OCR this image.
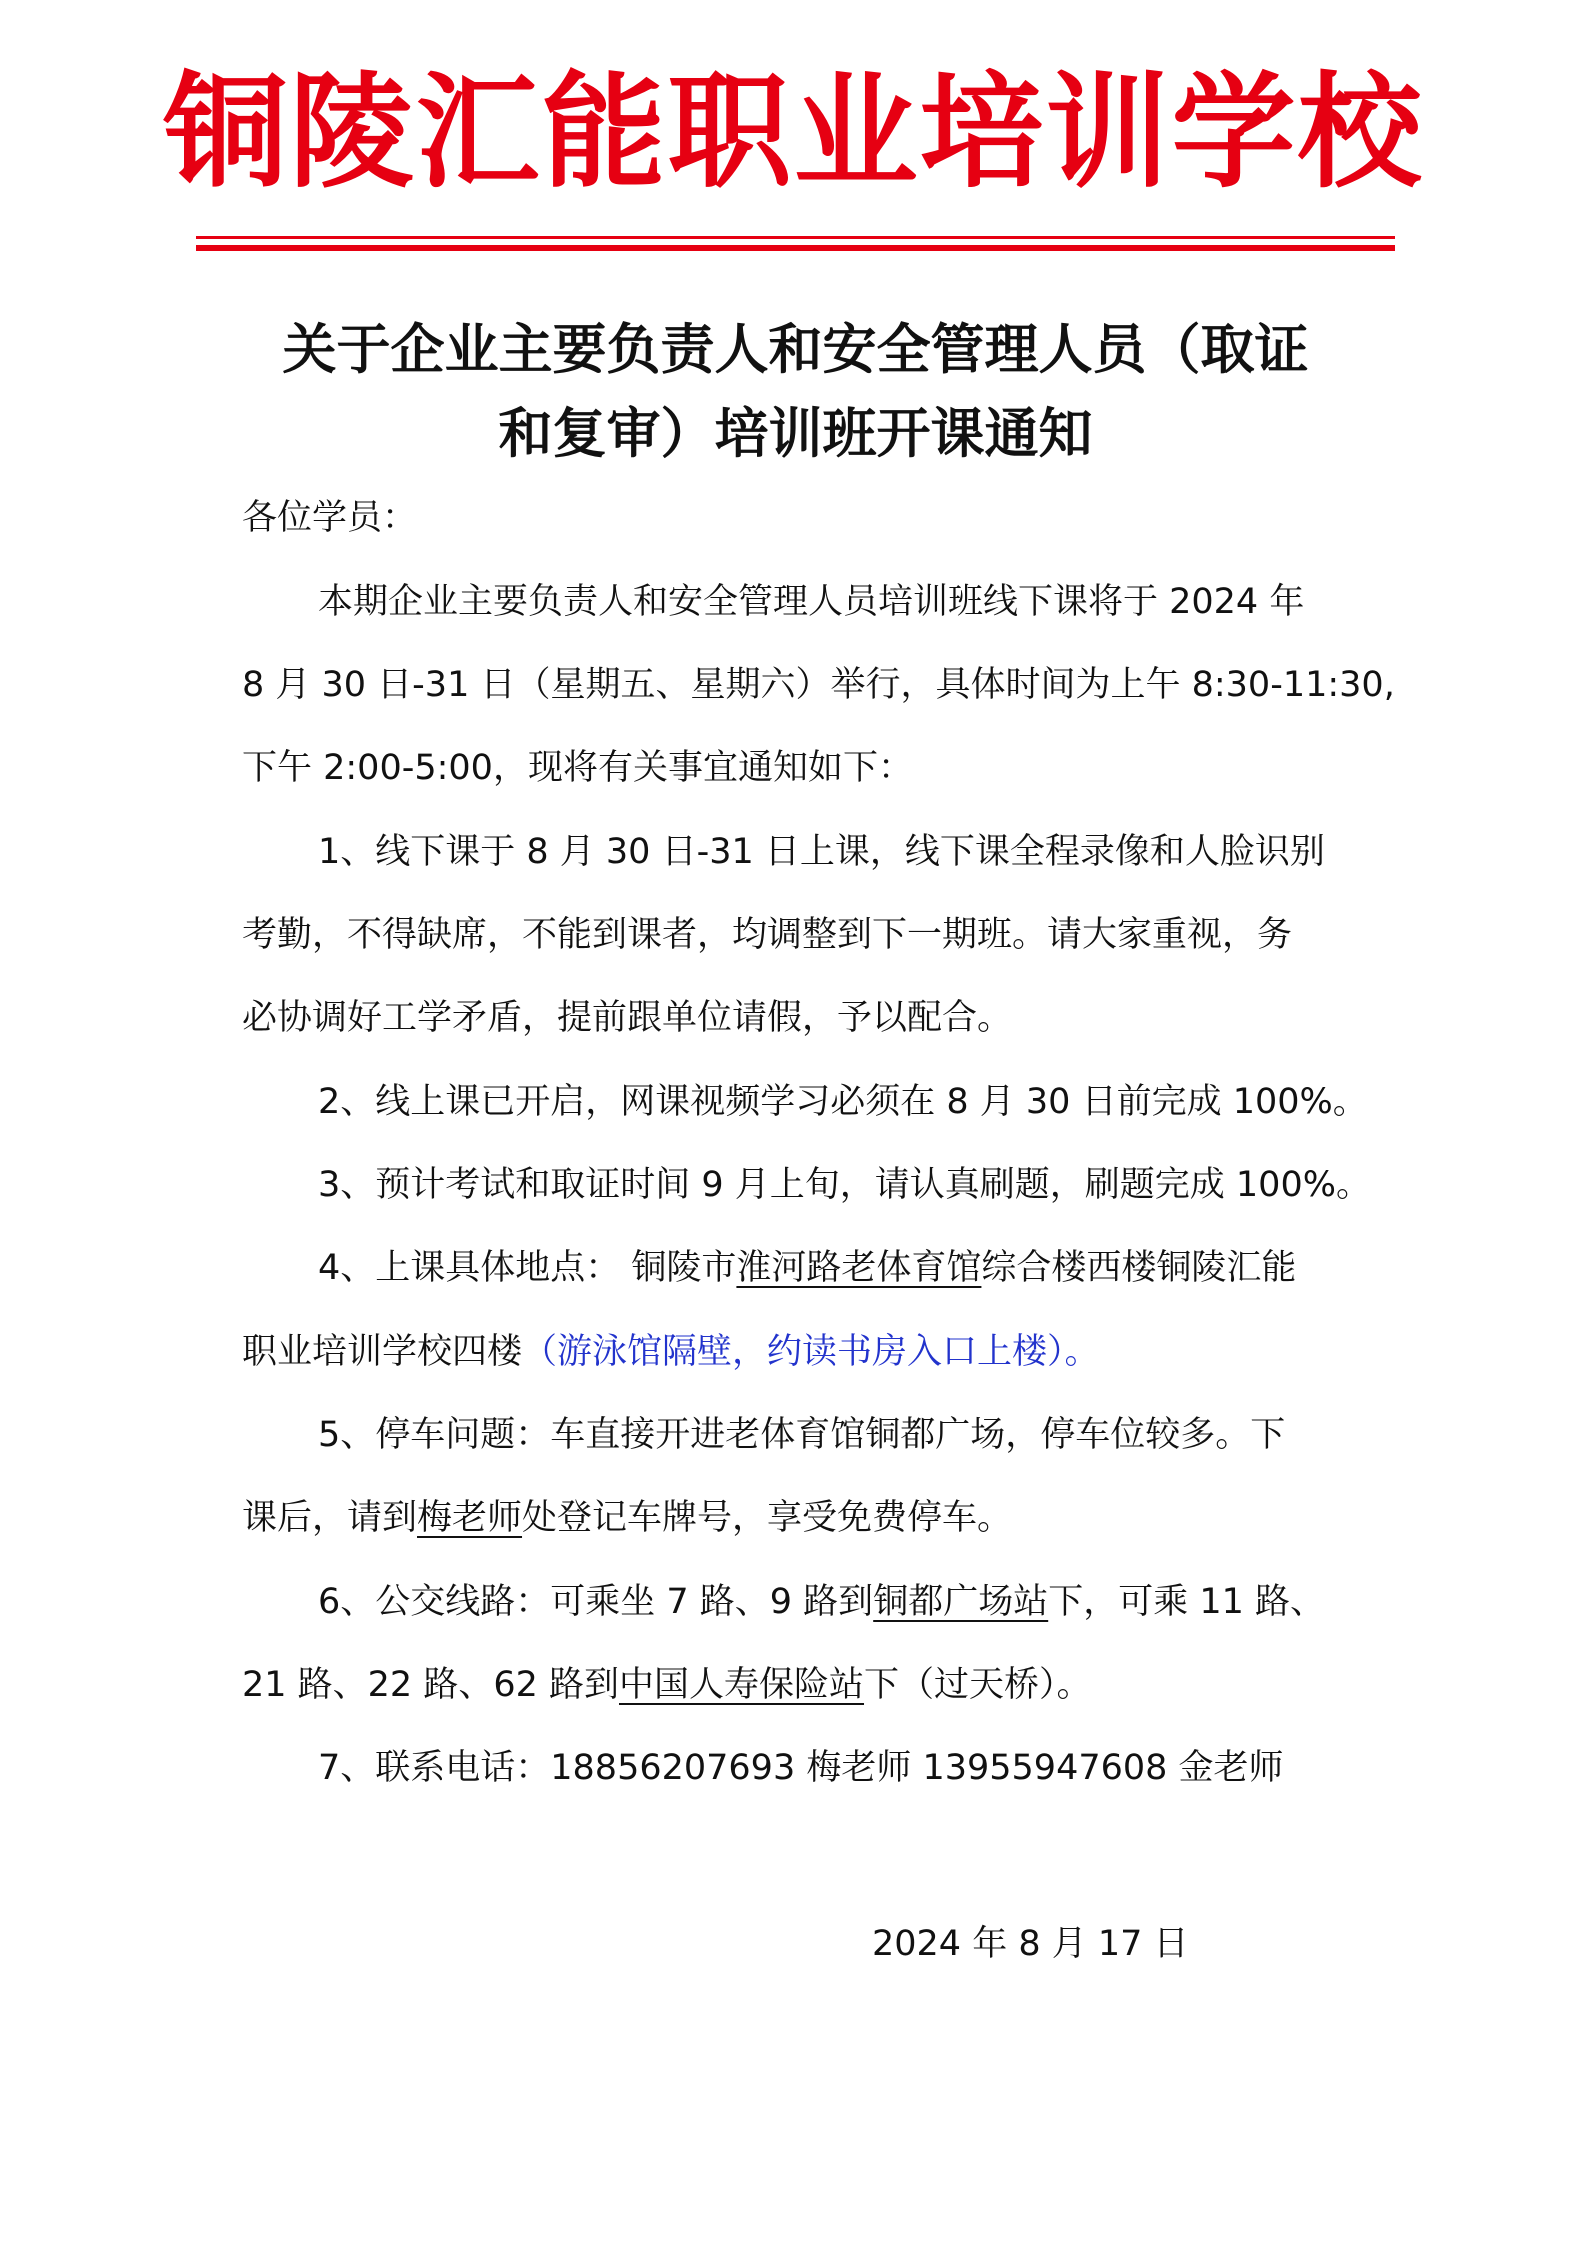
铜陵汇能职业培训学校
关于企业主要负责人和安全管理人员（取证
和复审）培训班开课通知
各位学员：
本期企业主要负责人和安全管理人员培训班线下课将于 2024 年
8 月 30 日-31 日（星期五、星期六）举行，具体时间为上午 8:30-11:30,
下午 2:00-5:00，现将有关事宜通知如下：
1、线下课于 8 月 30 日-31 日上课，线下课全程录像和人脸识别
考勤，不得缺席，不能到课者，均调整到下一期班。请大家重视，务
必协调好工学矛盾，提前跟单位请假，予以配合。
2、线上课已开启，网课视频学习必须在 8 月 30 日前完成 100%。
3、预计考试和取证时间 9 月上旬，请认真刷题，刷题完成 100%。
4、上课具体地点： 铜陵市淮河路老体育馆综合楼西楼铜陵汇能
职业培训学校四楼（游泳馆隔壁，约读书房入口上楼）。
5、停车问题：车直接开进老体育馆铜都广场，停车位较多。下
课后，请到梅老师处登记车牌号，享受免费停车。
6、公交线路：可乘坐 7 路、9 路到铜都广场站下，可乘 11 路、
21 路、22 路、62 路到中国人寿保险站下（过天桥）。
7、联系电话：18856207693 梅老师 13955947608 金老师
2024 年 8 月 17 日
